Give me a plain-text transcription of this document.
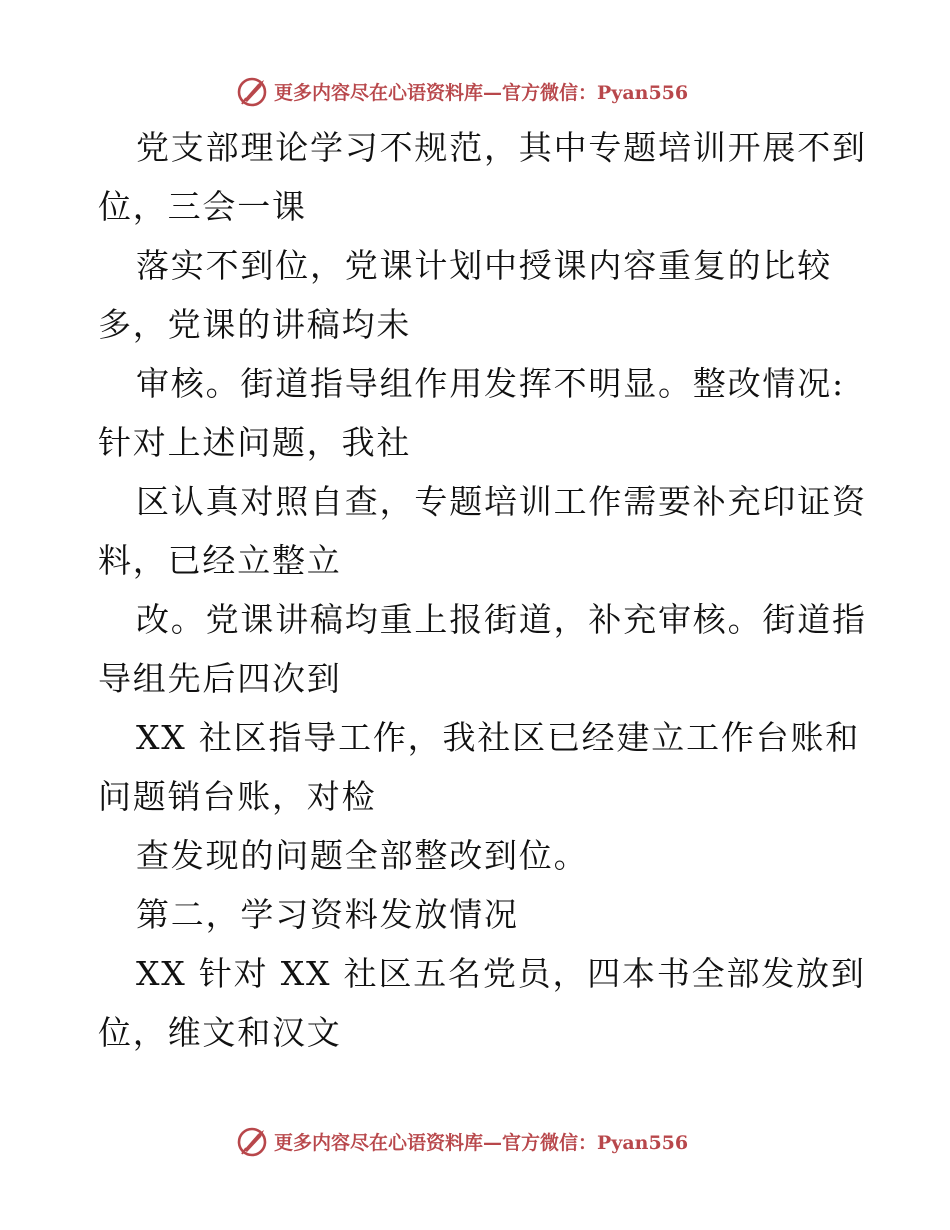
更多内容尽在心语资料库—官方微信：Pyan556
党支部理论学习不规范，其中专题培训开展不到
位，三会一课
落实不到位，党课计划中授课内容重复的比较
多，党课的讲稿均未
审核。街道指导组作用发挥不明显。整改情况:
针对上述问题，我社
区认真对照自查，专题培训工作需要补充印证资
料，已经立整立
改。党课讲稿均重上报街道，补充审核。街道指
导组先后四次到
XX 社区指导工作，我社区已经建立工作台账和
问题销台账，对检
查发现的问题全部整改到位。
第二，学习资料发放情况
XX 针对 XX 社区五名党员，四本书全部发放到
位，维文和汉文
更多内容尽在心语资料库—官方微信：Pyan556
